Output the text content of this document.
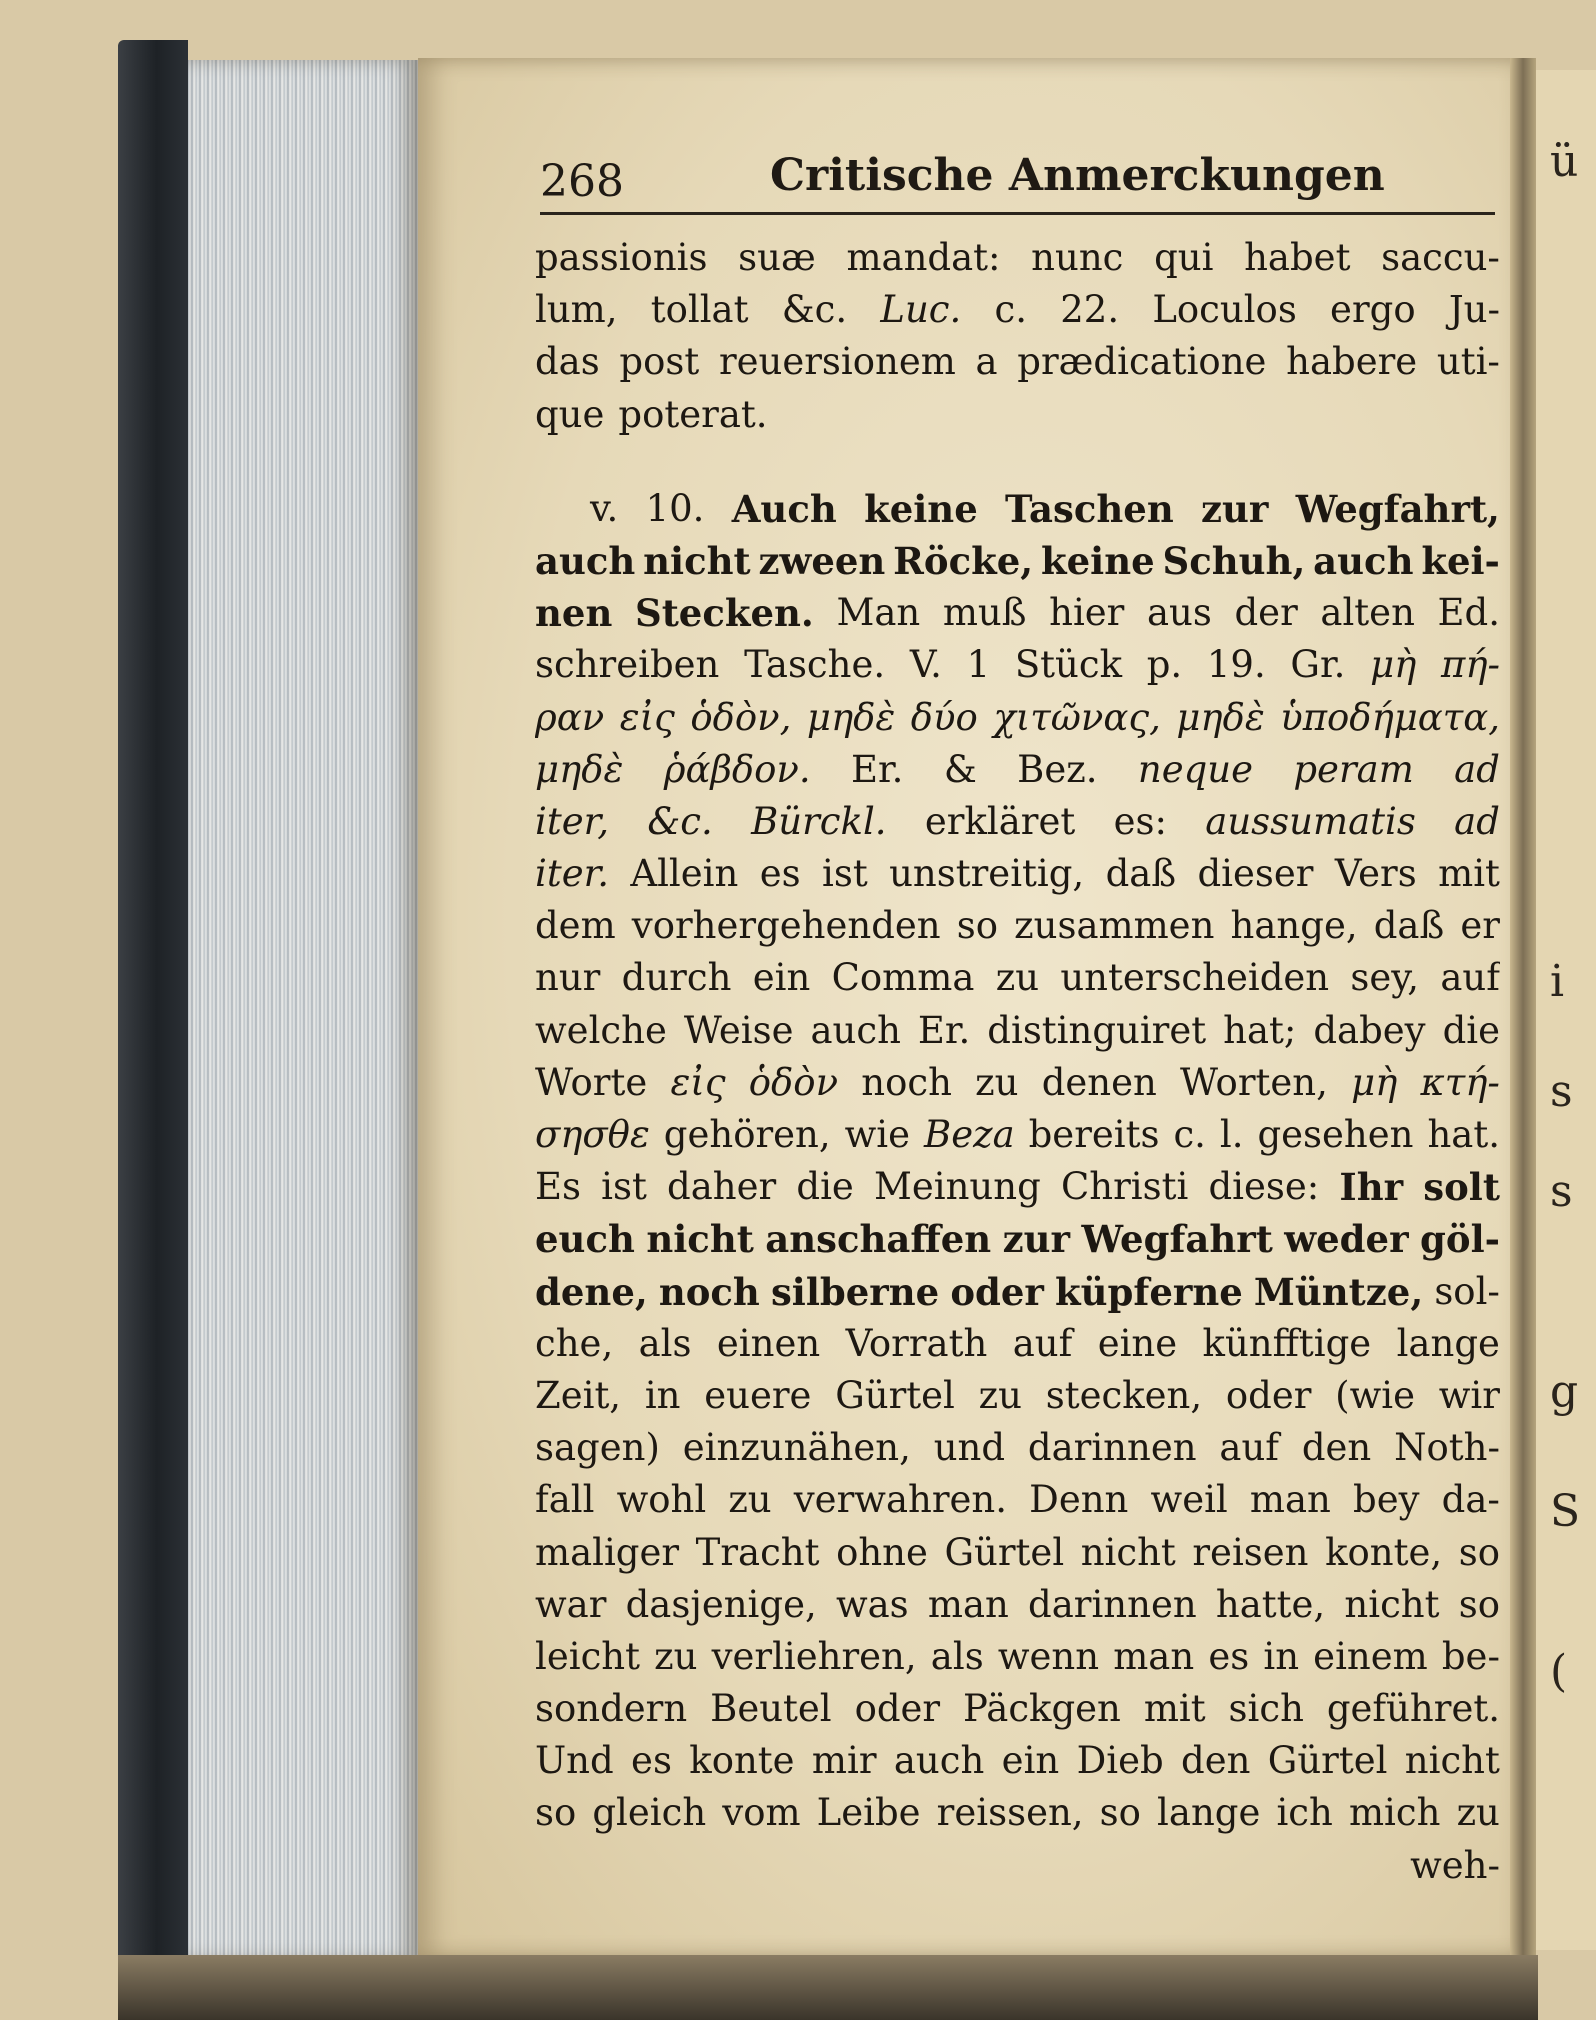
ü
i
s
s
g
S
(
268	Critische Anmerckungen
passionis suæ mandat: nunc qui habet saccu-
lum, tollat &c. Luc. c. 22. Loculos ergo Ju-
das post reuersionem a prædicatione habere uti-
que poterat.
v. 10. Auch keine Taschen zur Wegfahrt,
auch nicht zween Röcke, keine Schuh, auch kei-
nen Stecken. Man muß hier aus der alten Ed.
schreiben Tasche. V. 1 Stück p. 19. Gr. μὴ πή-
ραν εἰς ὁδὸν, μηδὲ δύο χιτῶνας, μηδὲ ὑποδήματα,
μηδὲ ῥάβδον. Er. & Bez. neque peram ad
iter, &c. Bürckl. erkläret es: aussumatis ad
iter. Allein es ist unstreitig, daß dieser Vers mit
dem vorhergehenden so zusammen hange, daß er
nur durch ein Comma zu unterscheiden sey, auf
welche Weise auch Er. distinguiret hat; dabey die
Worte εἰς ὁδὸν noch zu denen Worten, μὴ κτή-
σησθε gehören, wie Beza bereits c. l. gesehen hat.
Es ist daher die Meinung Christi diese: Ihr solt
euch nicht anschaffen zur Wegfahrt weder göl-
dene, noch silberne oder küpferne Müntze, sol-
che, als einen Vorrath auf eine künfftige lange
Zeit, in euere Gürtel zu stecken, oder (wie wir
sagen) einzunähen, und darinnen auf den Noth-
fall wohl zu verwahren. Denn weil man bey da-
maliger Tracht ohne Gürtel nicht reisen konte, so
war dasjenige, was man darinnen hatte, nicht so
leicht zu verliehren, als wenn man es in einem be-
sondern Beutel oder Päckgen mit sich geführet.
Und es konte mir auch ein Dieb den Gürtel nicht
so gleich vom Leibe reissen, so lange ich mich zu
weh-
